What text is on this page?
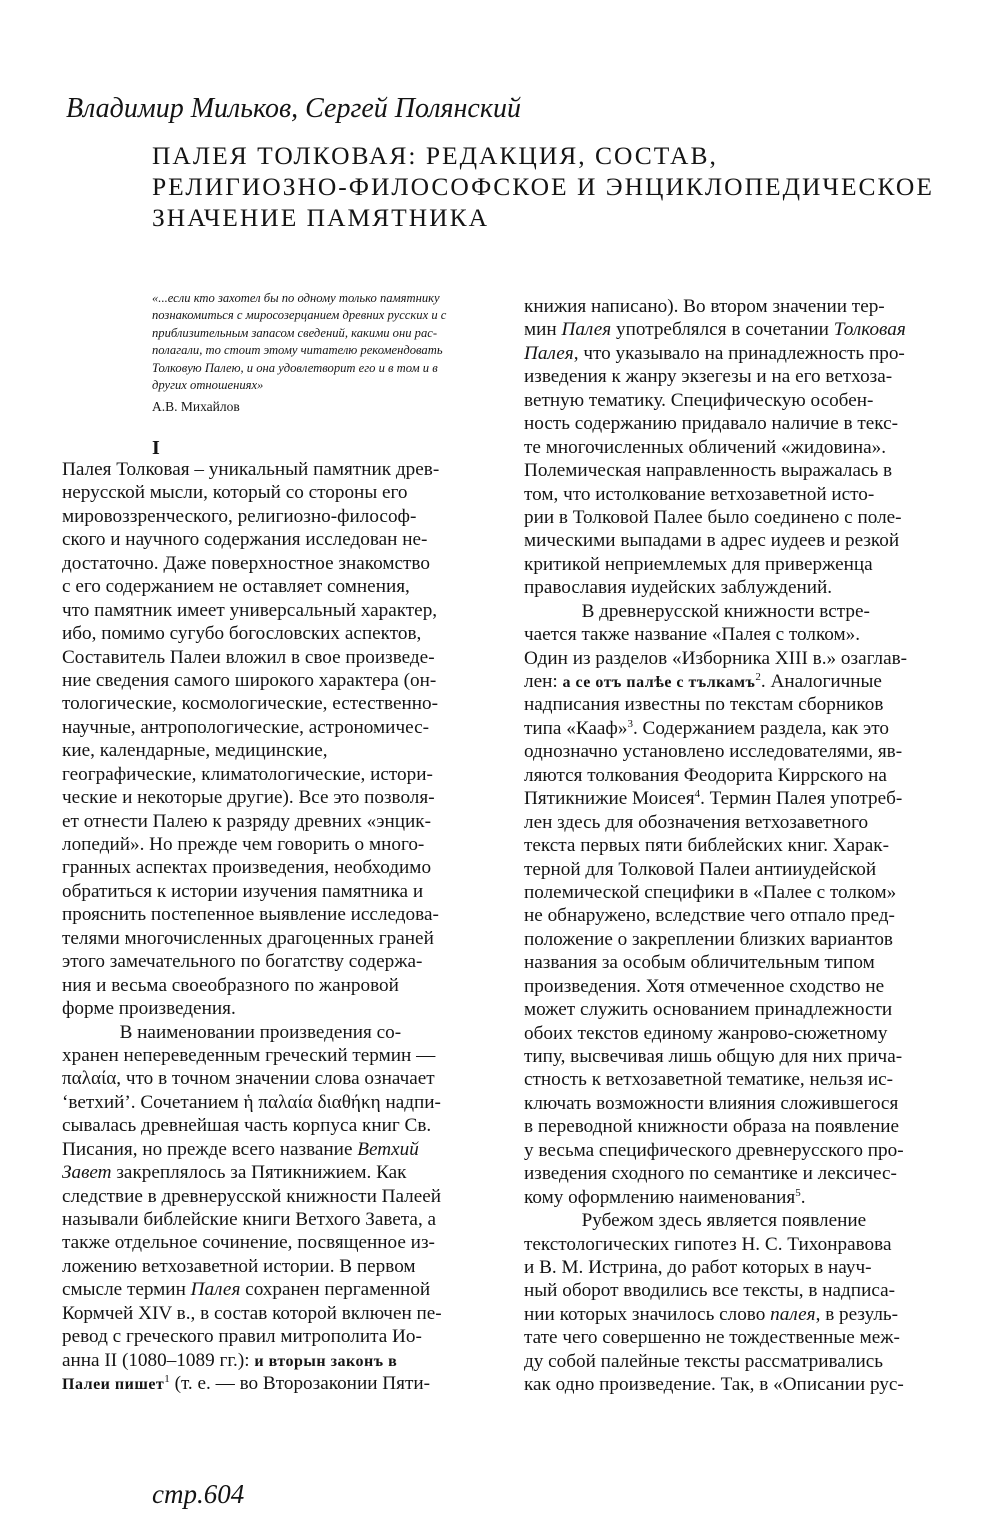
Владимир Мильков, Сергей Полянский
ПАЛЕЯ ТОЛКОВАЯ: РЕДАКЦИЯ, СОСТАВ,
РЕЛИГИОЗНО-ФИЛОСОФСКОЕ И ЭНЦИКЛОПЕДИЧЕСКОЕ
ЗНАЧЕНИЕ ПАМЯТНИКА
«...если кто захотел бы по одному только памятнику
познакомиться с миросозерцанием древних русских и с
приблизительным запасом сведений, какими они рас-
полагали, то стоит этому читателю рекомендовать
Толковую Палею, и она удовлетворит его и в том и в
других отношениях»
А.В. Михайлов
I
Палея Толковая – уникальный памятник древ-
нерусской мысли, который со стороны его
мировоззренческого, религиозно-философ-
ского и научного содержания исследован не-
достаточно. Даже поверхностное знакомство
с его содержанием не оставляет сомнения,
что памятник имеет универсальный характер,
ибо, помимо сугубо богословских аспектов,
Составитель Палеи вложил в свое произведе-
ние сведения самого широкого характера (он-
тологические, космологические, естественно-
научные, антропологические, астрономичес-
кие, календарные, медицинские,
географические, климатологические, истори-
ческие и некоторые другие). Все это позволя-
ет отнести Палею к разряду древних «энцик-
лопедий». Но прежде чем говорить о много-
гранных аспектах произведения, необходимо
обратиться к истории изучения памятника и
прояснить постепенное выявление исследова-
телями многочисленных драгоценных граней
этого замечательного по богатству содержа-
ния и весьма своеобразного по жанровой
форме произведения.
В наименовании произведения со-
хранен непереведенным греческий термин —
παλαία, что в точном значении слова означает
‘ветхий’. Сочетанием ἡ παλαία διαθήκη надпи-
сывалась древнейшая часть корпуса книг Св.
Писания, но прежде всего название Ветхий
Завет закреплялось за Пятикнижием. Как
следствие в древнерусской книжности Палеей
называли библейские книги Ветхого Завета, а
также отдельное сочинение, посвященное из-
ложению ветхозаветной истории. В первом
смысле термин Палея сохранен пергаменной
Кормчей XIV в., в состав которой включен пе-
ревод с греческого правил митрополита Ио-
анна II (1080–1089 гг.): и вторын законъ в
Палеи пишет$^1$ (т. е. — во Второзаконии Пяти-
книжия написано). Во втором значении тер-
мин Палея употреблялся в сочетании Толковая
Палея, что указывало на принадлежность про-
изведения к жанру экзегезы и на его ветхоза-
ветную тематику. Специфическую особен-
ность содержанию придавало наличие в текс-
те многочисленных обличений «жидовина».
Полемическая направленность выражалась в
том, что истолкование ветхозаветной исто-
рии в Толковой Палее было соединено с поле-
мическими выпадами в адрес иудеев и резкой
критикой неприемлемых для приверженца
православия иудейских заблуждений.
В древнерусской книжности встре-
чается также название «Палея с толком».
Один из разделов «Изборника XIII в.» озаглав-
лен: а се отъ палѣе с тълкамъ$^2$. Аналогичные
надписания известны по текстам сборников
типа «Кааф»$^3$. Содержанием раздела, как это
однозначно установлено исследователями, яв-
ляются толкования Феодорита Киррского на
Пятикнижие Моисея$^4$. Термин Палея употреб-
лен здесь для обозначения ветхозаветного
текста первых пяти библейских книг. Харак-
терной для Толковой Палеи антииудейской
полемической специфики в «Палее с толком»
не обнаружено, вследствие чего отпало пред-
положение о закреплении близких вариантов
названия за особым обличительным типом
произведения. Хотя отмеченное сходство не
может служить основанием принадлежности
обоих текстов единому жанрово-сюжетному
типу, высвечивая лишь общую для них прича-
стность к ветхозаветной тематике, нельзя ис-
ключать возможности влияния сложившегося
в переводной книжности образа на появление
у весьма специфического древнерусского про-
изведения сходного по семантике и лексичес-
кому оформлению наименования$^5$.
Рубежом здесь является появление
текстологических гипотез Н. С. Тихонравова
и В. М. Истрина, до работ которых в науч-
ный оборот вводились все тексты, в надписа-
нии которых значилось слово палея, в резуль-
тате чего совершенно не тождественные меж-
ду собой палейные тексты рассматривались
как одно произведение. Так, в «Описании рус-
стр.604
